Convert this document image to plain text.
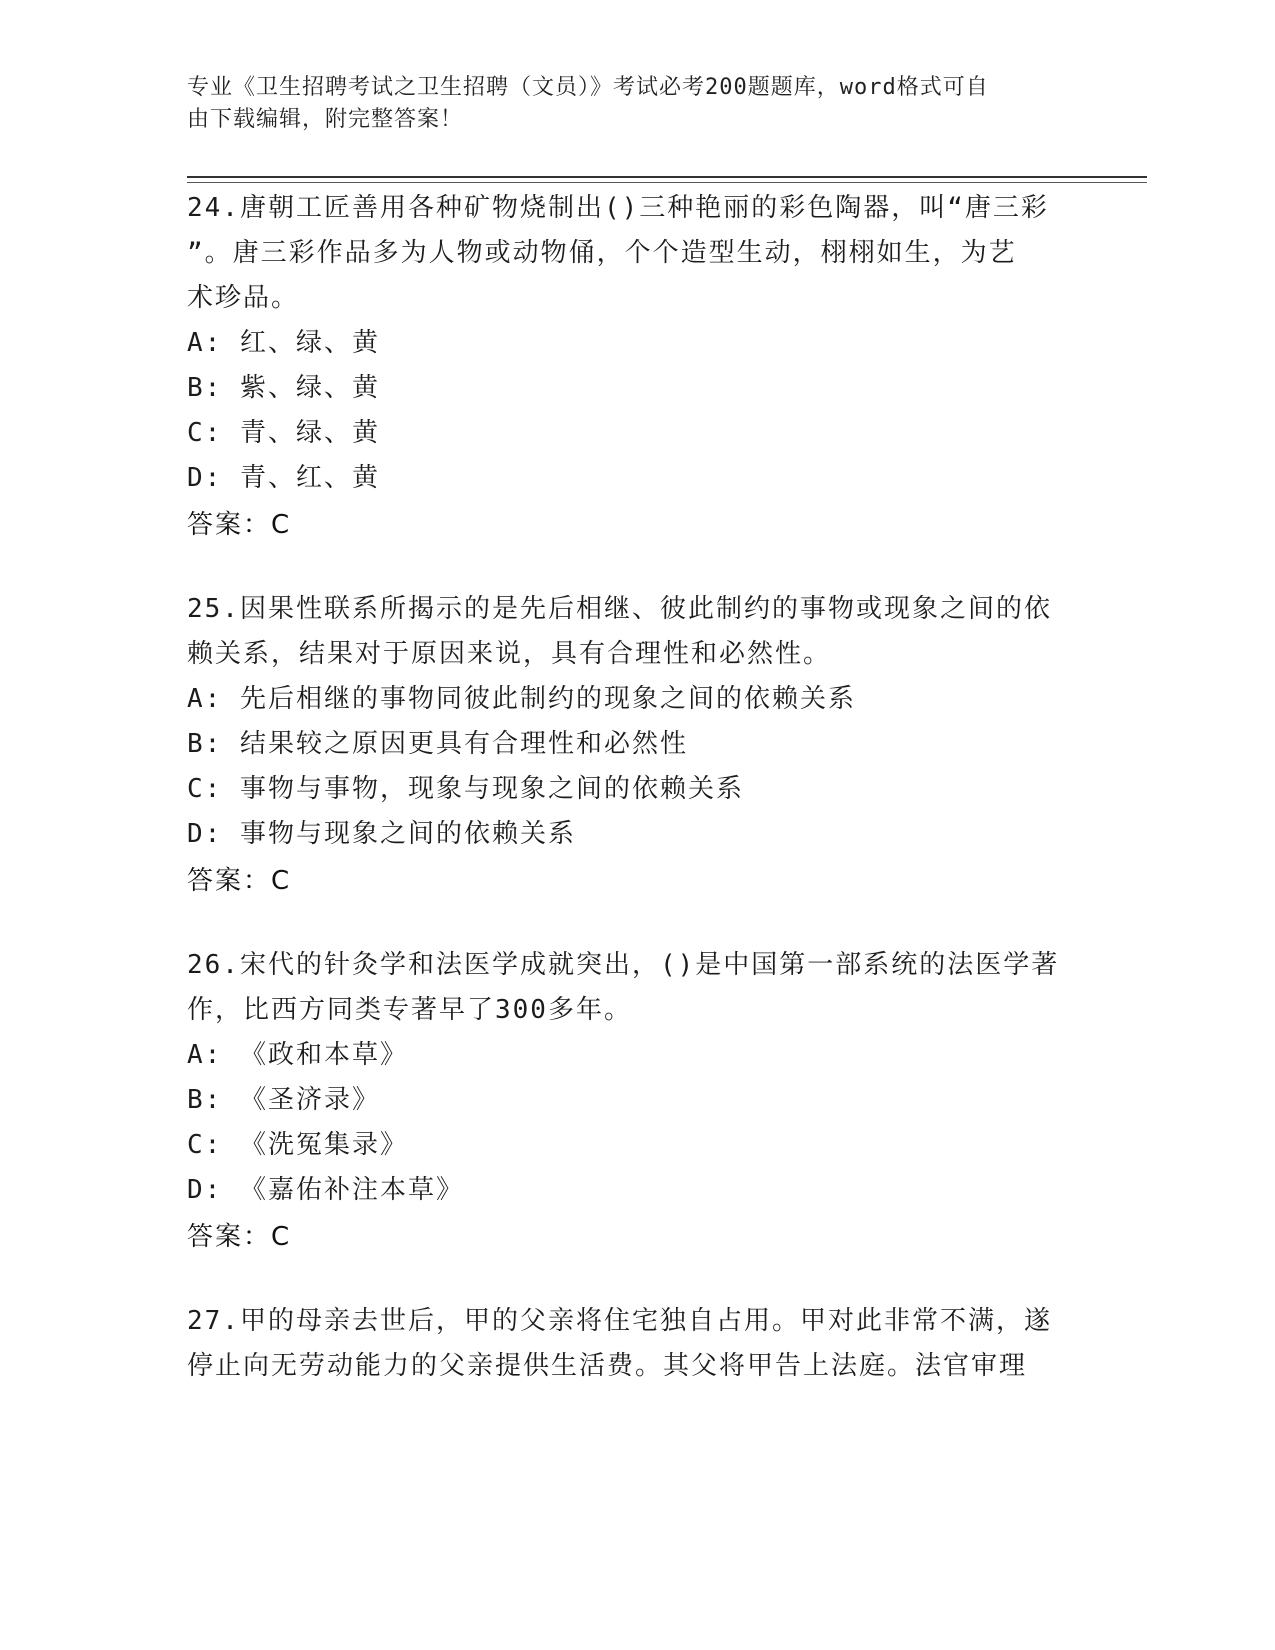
专业《卫生招聘考试之卫生招聘（文员）》考试必考200题题库，word格式可自
由下载编辑，附完整答案！
24.唐朝工匠善用各种矿物烧制出()三种艳丽的彩色陶器，叫“唐三彩
”。唐三彩作品多为人物或动物俑，个个造型生动，栩栩如生，为艺
术珍品。
A: 红、绿、黄
B: 紫、绿、黄
C: 青、绿、黄
D: 青、红、黄
答案：C
25.因果性联系所揭示的是先后相继、彼此制约的事物或现象之间的依
赖关系，结果对于原因来说，具有合理性和必然性。
A: 先后相继的事物同彼此制约的现象之间的依赖关系
B: 结果较之原因更具有合理性和必然性
C: 事物与事物，现象与现象之间的依赖关系
D: 事物与现象之间的依赖关系
答案：C
26.宋代的针灸学和法医学成就突出，()是中国第一部系统的法医学著
作，比西方同类专著早了300多年。
A: 《政和本草》
B: 《圣济录》
C: 《洗冤集录》
D: 《嘉佑补注本草》
答案：C
27.甲的母亲去世后，甲的父亲将住宅独自占用。甲对此非常不满，遂
停止向无劳动能力的父亲提供生活费。其父将甲告上法庭。法官审理
